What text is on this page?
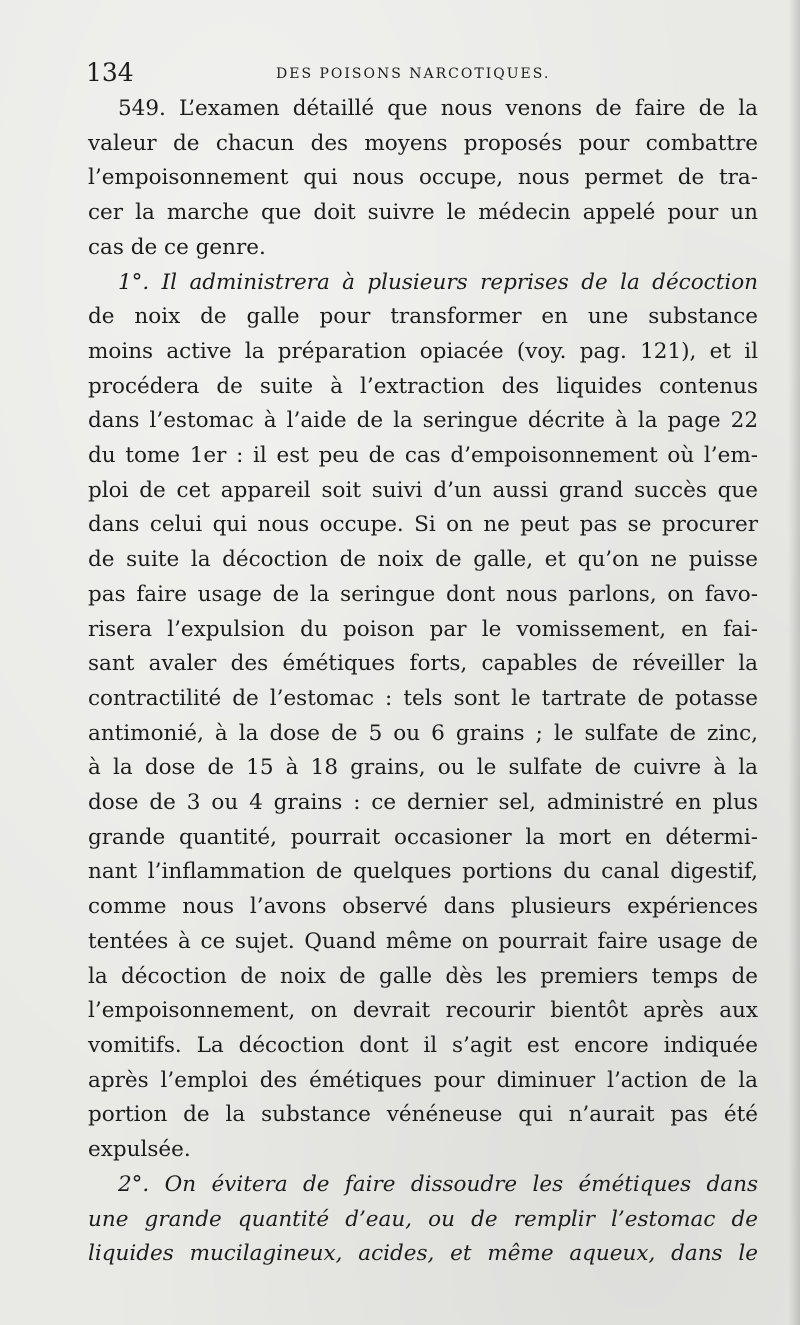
134	DES POISONS NARCOTIQUES.
549. L’examen détaillé que nous venons de faire de la
valeur de chacun des moyens proposés pour combattre
l’empoisonnement qui nous occupe, nous permet de tra-
cer la marche que doit suivre le médecin appelé pour un
cas de ce genre.
1°. Il administrera à plusieurs reprises de la décoction
de noix de galle pour transformer en une substance
moins active la préparation opiacée (voy. pag. 121), et il
procédera de suite à l’extraction des liquides contenus
dans l’estomac à l’aide de la seringue décrite à la page 22
du tome 1er : il est peu de cas d’empoisonnement où l’em-
ploi de cet appareil soit suivi d’un aussi grand succès que
dans celui qui nous occupe. Si on ne peut pas se procurer
de suite la décoction de noix de galle, et qu’on ne puisse
pas faire usage de la seringue dont nous parlons, on favo-
risera l’expulsion du poison par le vomissement, en fai-
sant avaler des émétiques forts, capables de réveiller la
contractilité de l’estomac : tels sont le tartrate de potasse
antimonié, à la dose de 5 ou 6 grains ; le sulfate de zinc,
à la dose de 15 à 18 grains, ou le sulfate de cuivre à la
dose de 3 ou 4 grains : ce dernier sel, administré en plus
grande quantité, pourrait occasioner la mort en détermi-
nant l’inflammation de quelques portions du canal digestif,
comme nous l’avons observé dans plusieurs expériences
tentées à ce sujet. Quand même on pourrait faire usage de
la décoction de noix de galle dès les premiers temps de
l’empoisonnement, on devrait recourir bientôt après aux
vomitifs. La décoction dont il s’agit est encore indiquée
après l’emploi des émétiques pour diminuer l’action de la
portion de la substance vénéneuse qui n’aurait pas été
expulsée.
2°. On évitera de faire dissoudre les émétiques dans
une grande quantité d’eau, ou de remplir l’estomac de
liquides mucilagineux, acides, et même aqueux, dans le
